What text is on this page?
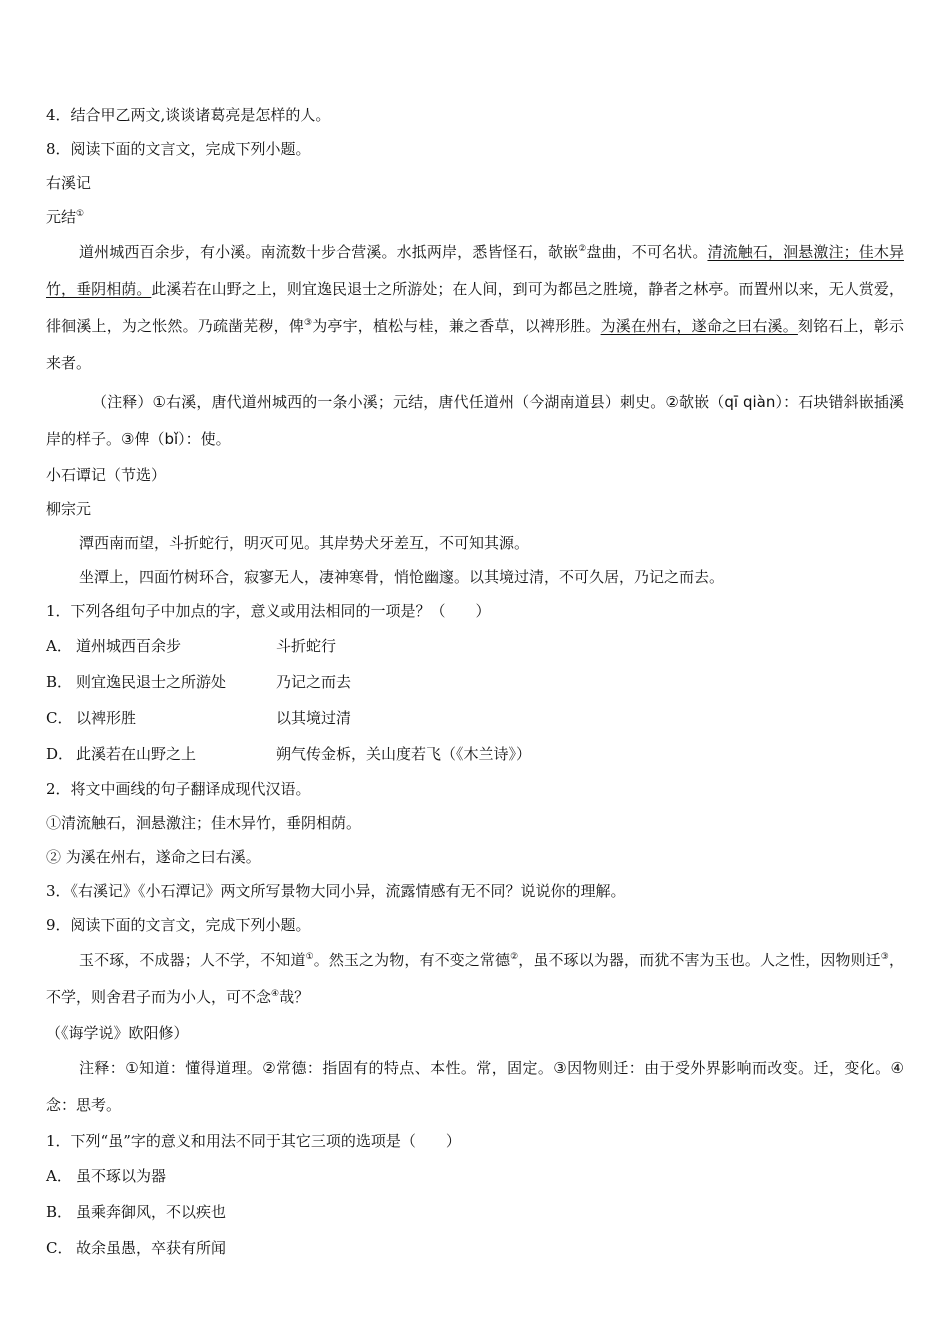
4．结合甲乙两文,谈谈诸葛亮是怎样的人。

8．阅读下面的文言文，完成下列小题。

右溪记

元结①

道州城西百余步，有小溪。南流数十步合营溪。水抵两岸，悉皆怪石，欹嵌②盘曲，不可名状。清流触石，洄悬激注；佳木异竹，垂阴相荫。此溪若在山野之上，则宜逸民退士之所游处；在人间，到可为都邑之胜境，静者之林亭。而置州以来，无人赏爱，徘徊溪上，为之怅然。乃疏凿芜秽，俾③为亭宇，植松与桂，兼之香草，以裨形胜。为溪在州右，遂命之曰右溪。刻铭石上，彰示来者。

（注释）①右溪，唐代道州城西的一条小溪；元结，唐代任道州（今湖南道县）刺史。②欹嵌（qī qiàn）：石块错斜嵌插溪岸的样子。③俾（bǐ）：使。

小石谭记（节选）

柳宗元

潭西南而望，斗折蛇行，明灭可见。其岸势犬牙差互，不可知其源。

坐潭上，四面竹树环合，寂寥无人，凄神寒骨，悄怆幽邃。以其境过清，不可久居，乃记之而去。

1．下列各组句子中加点的字，意义或用法相同的一项是？（　　）

A． 道州城西百余步	斗折蛇行
B． 则宜逸民退士之所游处	乃记之而去
C． 以裨形胜	以其境过清
D． 此溪若在山野之上	朔气传金柝，关山度若飞（《木兰诗》）

2．将文中画线的句子翻译成现代汉语。

①清流触石，洄悬激注；佳木异竹，垂阴相荫。

② 为溪在州右，遂命之曰右溪。

3．《右溪记》《小石潭记》两文所写景物大同小异，流露情感有无不同？说说你的理解。

9．阅读下面的文言文，完成下列小题。

玉不琢，不成器；人不学，不知道①。然玉之为物，有不变之常德②，虽不琢以为器，而犹不害为玉也。人之性，因物则迁③，不学，则舍君子而为小人，可不念④哉？

（《诲学说》欧阳修）

注释：①知道：懂得道理。②常德：指固有的特点、本性。常，固定。③因物则迁：由于受外界影响而改变。迁，变化。④念：思考。

1．下列“虽”字的意义和用法不同于其它三项的选项是（　　）

A． 虽不琢以为器
B． 虽乘奔御风，不以疾也
C． 故余虽愚，卒获有所闻
